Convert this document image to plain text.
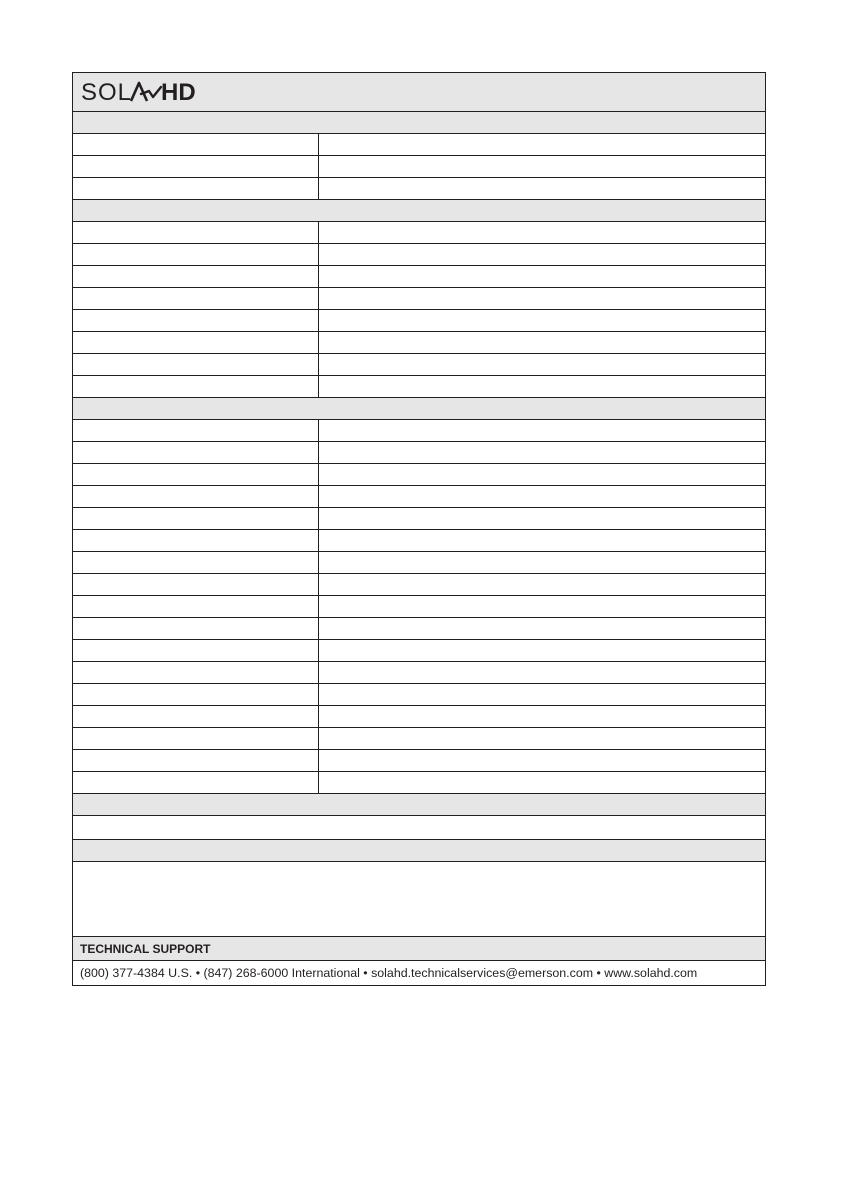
SOL HD
TECHNICAL SUPPORT
(800) 377-4384 U.S. • (847) 268-6000 International • solahd.technicalservices@emerson.com • www.solahd.com
